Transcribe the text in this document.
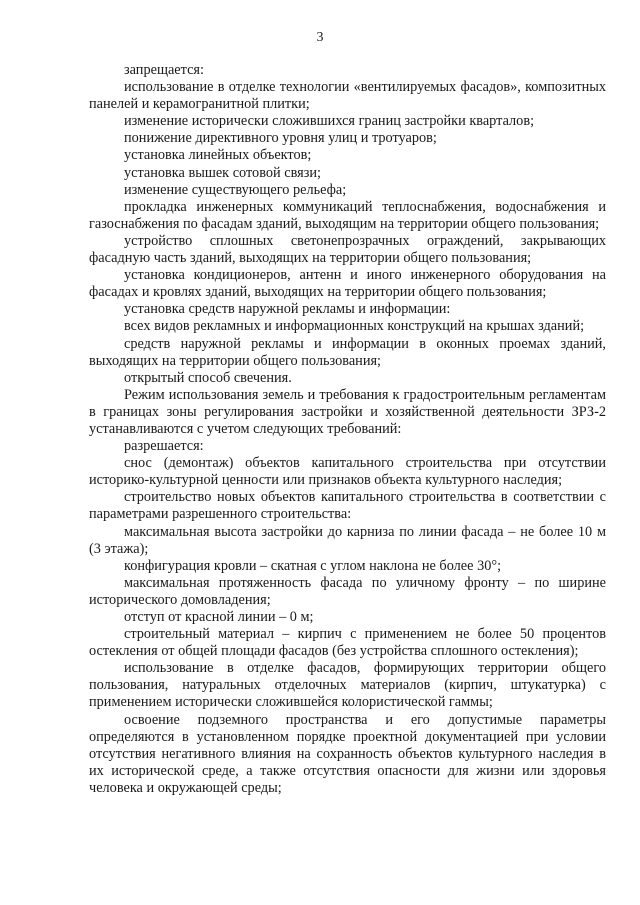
3

запрещается:

использование в отделке технологии «вентилируемых фасадов», композитных панелей и керамогранитной плитки;

изменение исторически сложившихся границ застройки кварталов;

понижение директивного уровня улиц и тротуаров;

установка линейных объектов;

установка вышек сотовой связи;

изменение существующего рельефа;

прокладка инженерных коммуникаций теплоснабжения, водоснабжения и газоснабжения по фасадам зданий, выходящим на территории общего пользования;

устройство сплошных светонепрозрачных ограждений, закрывающих фасадную часть зданий, выходящих на территории общего пользования;

установка кондиционеров, антенн и иного инженерного оборудования на фасадах и кровлях зданий, выходящих на территории общего пользования;

установка средств наружной рекламы и информации:

всех видов рекламных и информационных конструкций на крышах зданий;

средств наружной рекламы и информации в оконных проемах зданий, выходящих на территории общего пользования;

открытый способ свечения.

Режим использования земель и требования к градостроительным регламентам в границах зоны регулирования застройки и хозяйственной деятельности ЗРЗ-2 устанавливаются с учетом следующих требований:

разрешается:

снос (демонтаж) объектов капитального строительства при отсутствии историко-культурной ценности или признаков объекта культурного наследия;

строительство новых объектов капитального строительства в соответствии с параметрами разрешенного строительства:

максимальная высота застройки до карниза по линии фасада – не более 10 м (3 этажа);

конфигурация кровли – скатная с углом наклона не более 30°;

максимальная протяженность фасада по уличному фронту – по ширине исторического домовладения;

отступ от красной линии – 0 м;

строительный материал – кирпич с применением не более 50 процентов остекления от общей площади фасадов (без устройства сплошного остекления);

использование в отделке фасадов, формирующих территории общего пользования, натуральных отделочных материалов (кирпич, штукатурка) с применением исторически сложившейся колористической гаммы;

освоение подземного пространства и его допустимые параметры определяются в установленном порядке проектной документацией при условии отсутствия негативного влияния на сохранность объектов культурного наследия в их исторической среде, а также отсутствия опасности для жизни или здоровья человека и окружающей среды;
